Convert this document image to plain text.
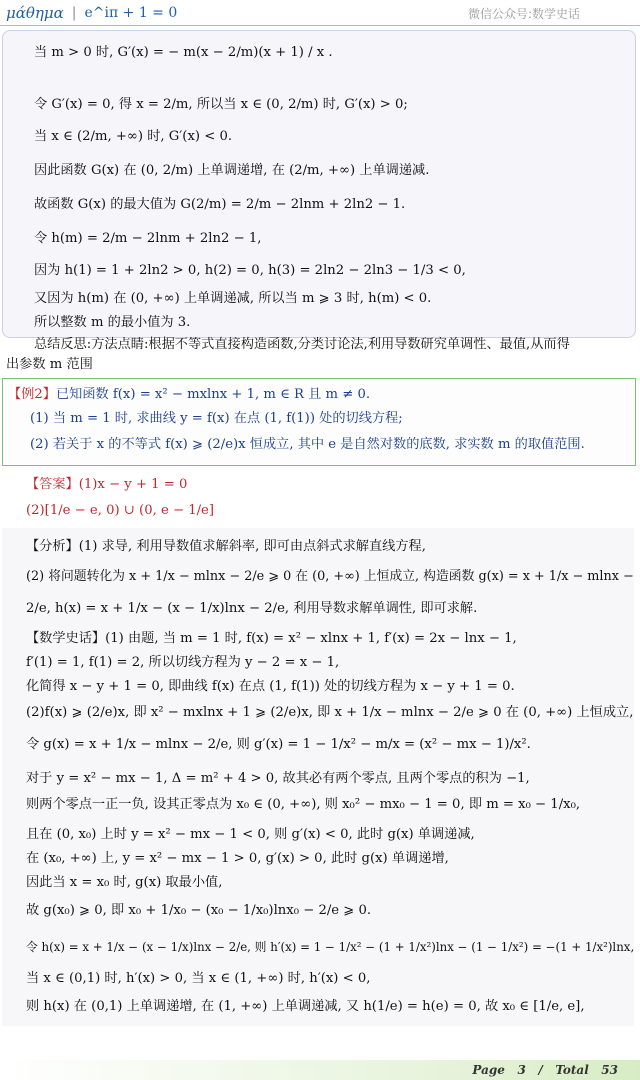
μάθημα | e^iπ + 1 = 0	微信公众号:数学史话
当 m > 0 时, G′(x) = − m(x − 2/m)(x + 1) / x .
令 G′(x) = 0, 得 x = 2/m, 所以当 x ∈ (0, 2/m) 时, G′(x) > 0;
当 x ∈ (2/m, +∞) 时, G′(x) < 0.
因此函数 G(x) 在 (0, 2/m) 上单调递增, 在 (2/m, +∞) 上单调递减.
故函数 G(x) 的最大值为 G(2/m) = 2/m − 2lnm + 2ln2 − 1.
令 h(m) = 2/m − 2lnm + 2ln2 − 1,
因为 h(1) = 1 + 2ln2 > 0, h(2) = 0, h(3) = 2ln2 − 2ln3 − 1/3 < 0,
又因为 h(m) 在 (0, +∞) 上单调递减, 所以当 m ⩾ 3 时, h(m) < 0.
所以整数 m 的最小值为 3.
总结反思:方法点睛:根据不等式直接构造函数,分类讨论法,利用导数研究单调性、最值,从而得
出参数 m 范围
【例2】已知函数 f(x) = x² − mxlnx + 1, m ∈ R 且 m ≠ 0.
(1) 当 m = 1 时, 求曲线 y = f(x) 在点 (1, f(1)) 处的切线方程;
(2) 若关于 x 的不等式 f(x) ⩾ (2/e)x 恒成立, 其中 e 是自然对数的底数, 求实数 m 的取值范围.
【答案】(1)x − y + 1 = 0
(2)[1/e − e, 0) ∪ (0, e − 1/e]
【分析】(1) 求导, 利用导数值求解斜率, 即可由点斜式求解直线方程,
(2) 将问题转化为 x + 1/x − mlnx − 2/e ⩾ 0 在 (0, +∞) 上恒成立, 构造函数 g(x) = x + 1/x − mlnx −
2/e, h(x) = x + 1/x − (x − 1/x)lnx − 2/e, 利用导数求解单调性, 即可求解.
【数学史话】(1) 由题, 当 m = 1 时, f(x) = x² − xlnx + 1, f′(x) = 2x − lnx − 1,
f′(1) = 1, f(1) = 2, 所以切线方程为 y − 2 = x − 1,
化简得 x − y + 1 = 0, 即曲线 f(x) 在点 (1, f(1)) 处的切线方程为 x − y + 1 = 0.
(2)f(x) ⩾ (2/e)x, 即 x² − mxlnx + 1 ⩾ (2/e)x, 即 x + 1/x − mlnx − 2/e ⩾ 0 在 (0, +∞) 上恒成立,
令 g(x) = x + 1/x − mlnx − 2/e, 则 g′(x) = 1 − 1/x² − m/x = (x² − mx − 1)/x².
对于 y = x² − mx − 1, Δ = m² + 4 > 0, 故其必有两个零点, 且两个零点的积为 −1,
则两个零点一正一负, 设其正零点为 x₀ ∈ (0, +∞), 则 x₀² − mx₀ − 1 = 0, 即 m = x₀ − 1/x₀,
且在 (0, x₀) 上时 y = x² − mx − 1 < 0, 则 g′(x) < 0, 此时 g(x) 单调递减,
在 (x₀, +∞) 上, y = x² − mx − 1 > 0, g′(x) > 0, 此时 g(x) 单调递增,
因此当 x = x₀ 时, g(x) 取最小值,
故 g(x₀) ⩾ 0, 即 x₀ + 1/x₀ − (x₀ − 1/x₀)lnx₀ − 2/e ⩾ 0.
令 h(x) = x + 1/x − (x − 1/x)lnx − 2/e, 则 h′(x) = 1 − 1/x² − (1 + 1/x²)lnx − (1 − 1/x²) = −(1 + 1/x²)lnx,
当 x ∈ (0,1) 时, h′(x) > 0, 当 x ∈ (1, +∞) 时, h′(x) < 0,
则 h(x) 在 (0,1) 上单调递增, 在 (1, +∞) 上单调递减, 又 h(1/e) = h(e) = 0, 故 x₀ ∈ [1/e, e],
Page 3 / Total 53
